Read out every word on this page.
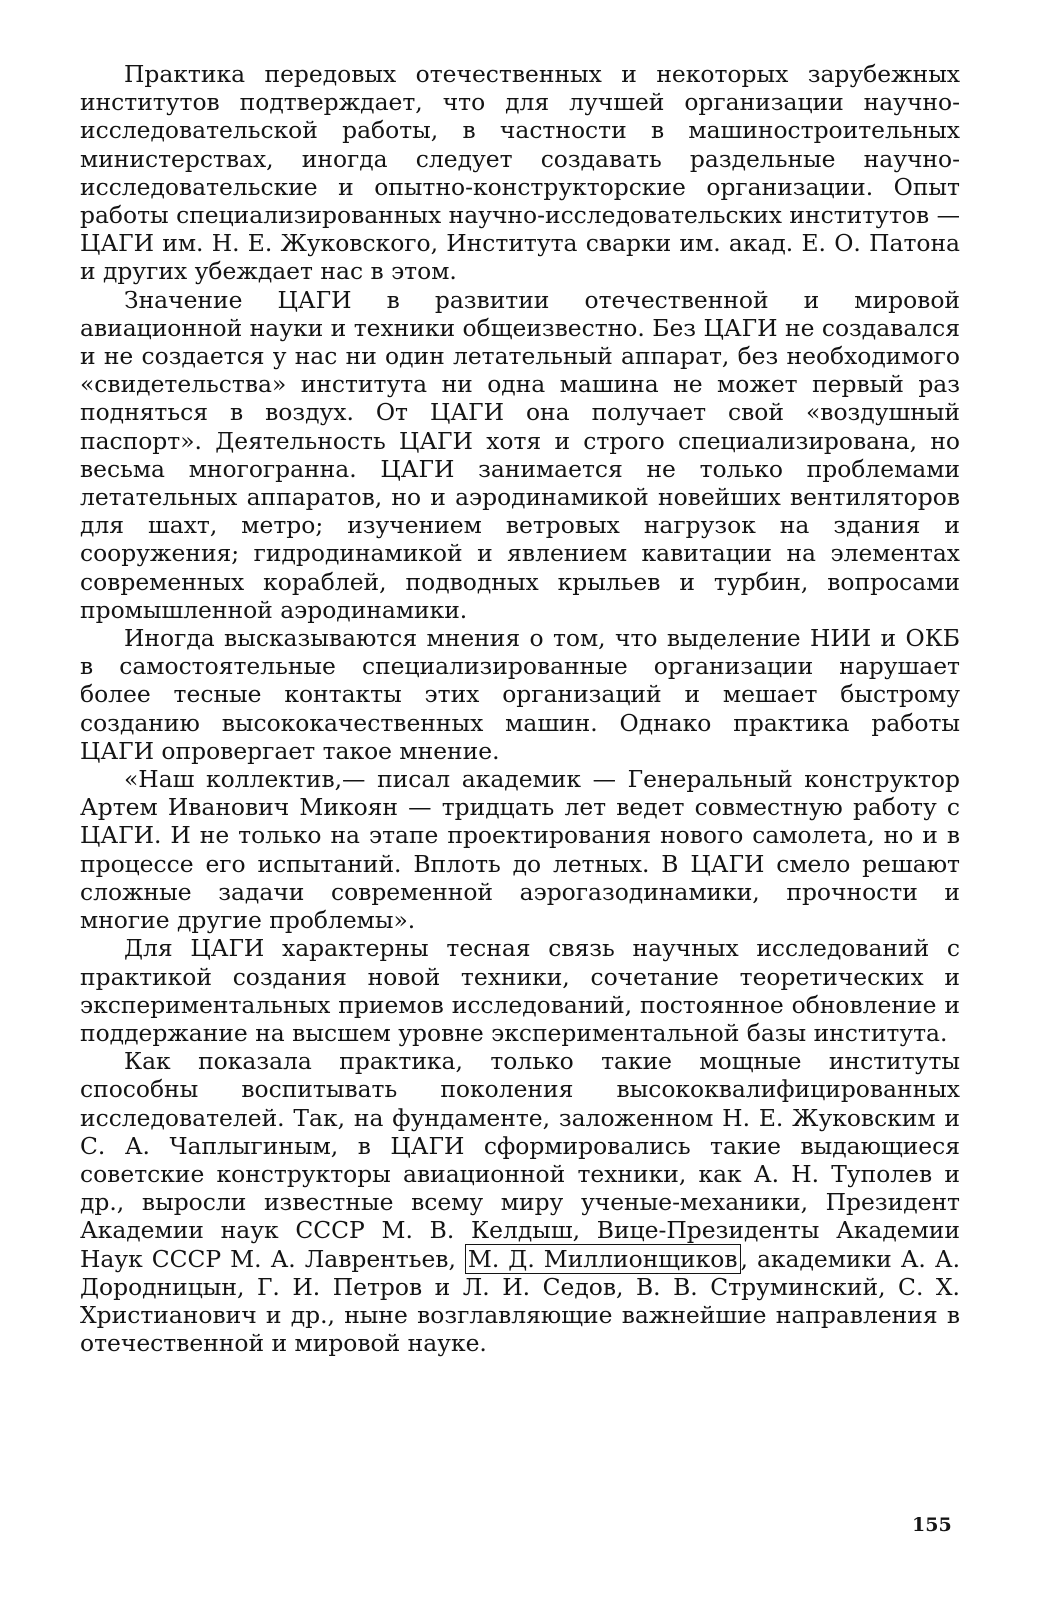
Практика передовых отечественных и некоторых зарубежных институтов подтверждает, что для лучшей организации научно-исследовательской работы, в частности в машиностроительных министерствах, иногда следует создавать раздельные научно-исследовательские и опытно-конструкторские организации. Опыт работы специализированных научно-исследовательских институтов — ЦАГИ им. Н. Е. Жуковского, Института сварки им. акад. Е. О. Патона и других убеждает нас в этом.

Значение ЦАГИ в развитии отечественной и мировой авиационной науки и техники общеизвестно. Без ЦАГИ не создавался и не создается у нас ни один летательный аппарат, без необходимого «свидетельства» института ни одна машина не может первый раз подняться в воздух. От ЦАГИ она получает свой «воздушный паспорт». Деятельность ЦАГИ хотя и строго специализирована, но весьма многогранна. ЦАГИ занимается не только проблемами летательных аппаратов, но и аэродинамикой новейших вентиляторов для шахт, метро; изучением ветровых нагрузок на здания и сооружения; гидродинамикой и явлением кавитации на элементах современных кораблей, подводных крыльев и турбин, вопросами промышленной аэродинамики.

Иногда высказываются мнения о том, что выделение НИИ и ОКБ в самостоятельные специализированные организации нарушает более тесные контакты этих организаций и мешает быстрому созданию высококачественных машин. Однако практика работы ЦАГИ опровергает такое мнение.

«Наш коллектив,— писал академик — Генеральный конструктор Артем Иванович Микоян — тридцать лет ведет совместную работу с ЦАГИ. И не только на этапе проектирования нового самолета, но и в процессе его испытаний. Вплоть до летных. В ЦАГИ смело решают сложные задачи современной аэрогазодинамики, прочности и многие другие проблемы».

Для ЦАГИ характерны тесная связь научных исследований с практикой создания новой техники, сочетание теоретических и экспериментальных приемов исследований, постоянное обновление и поддержание на высшем уровне экспериментальной базы института.

Как показала практика, только такие мощные институты способны воспитывать поколения высококвалифицированных исследователей. Так, на фундаменте, заложенном Н. Е. Жуковским и С. А. Чаплыгиным, в ЦАГИ сформировались такие выдающиеся советские конструкторы авиационной техники, как А. Н. Туполев и др., выросли известные всему миру ученые-механики, Президент Академии наук СССР М. В. Келдыш, Вице-Президенты Академии Наук СССР М. А. Лаврентьев, М. Д. Миллионщиков , академики А. А. Дородницын, Г. И. Петров и Л. И. Седов, В. В. Струминский, С. Х. Христианович и др., ныне возглавляющие важнейшие направления в отечественной и мировой науке.

155
